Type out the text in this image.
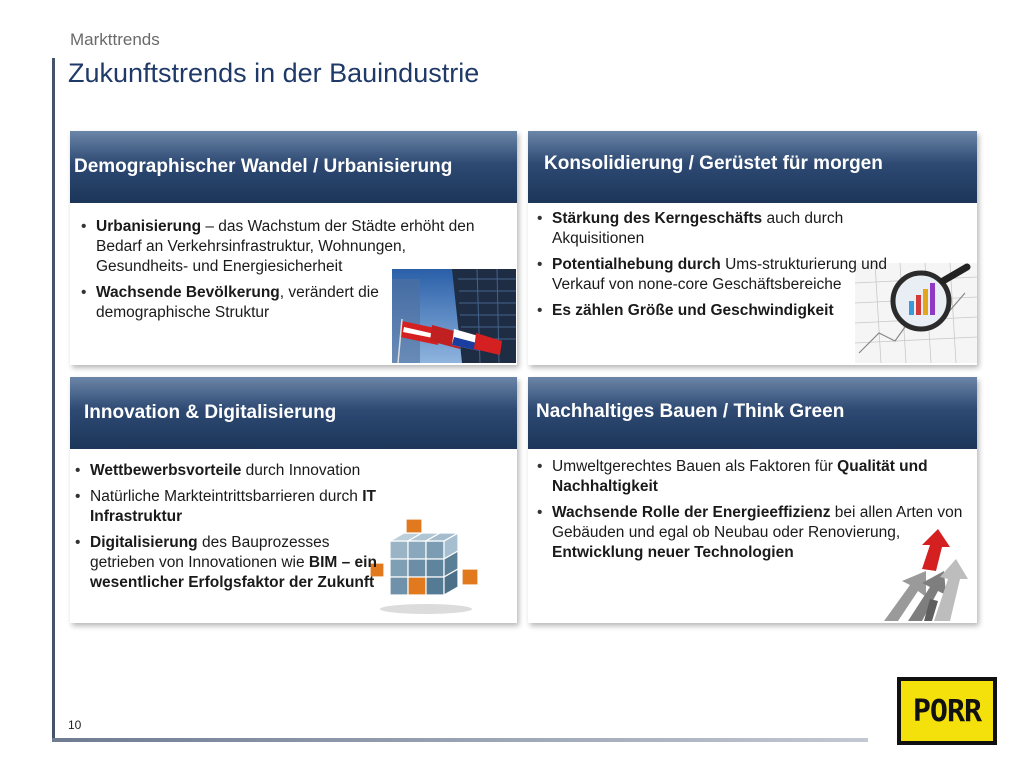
Markttrends
Zukunftstrends in der Bauindustrie
Demographischer Wandel / Urbanisierung
• Urbanisierung – das Wachstum der Städte erhöht den Bedarf an Verkehrsinfrastruktur, Wohnungen, Gesundheits- und Energiesicherheit
• Wachsende Bevölkerung, verändert die demographische Struktur
Konsolidierung / Gerüstet für morgen
• Stärkung des Kerngeschäfts auch durch Akquisitionen
• Potentialhebung durch Ums-strukturierung und Verkauf von none-core Geschäftsbereiche
• Es zählen Größe und Geschwindigkeit
Innovation & Digitalisierung
• Wettbewerbsvorteile durch Innovation
• Natürliche Markteintrittsbarrieren durch IT Infrastruktur
• Digitalisierung des Bauprozesses getrieben von Innovationen wie BIM – ein wesentlicher Erfolgsfaktor der Zukunft
Nachhaltiges Bauen / Think Green
• Umweltgerechtes Bauen als Faktoren für Qualität und Nachhaltigkeit
• Wachsende Rolle der Energieeffizienz bei allen Arten von Gebäuden und egal ob Neubau oder Renovierung, Entwicklung neuer Technologien
10	PORR
